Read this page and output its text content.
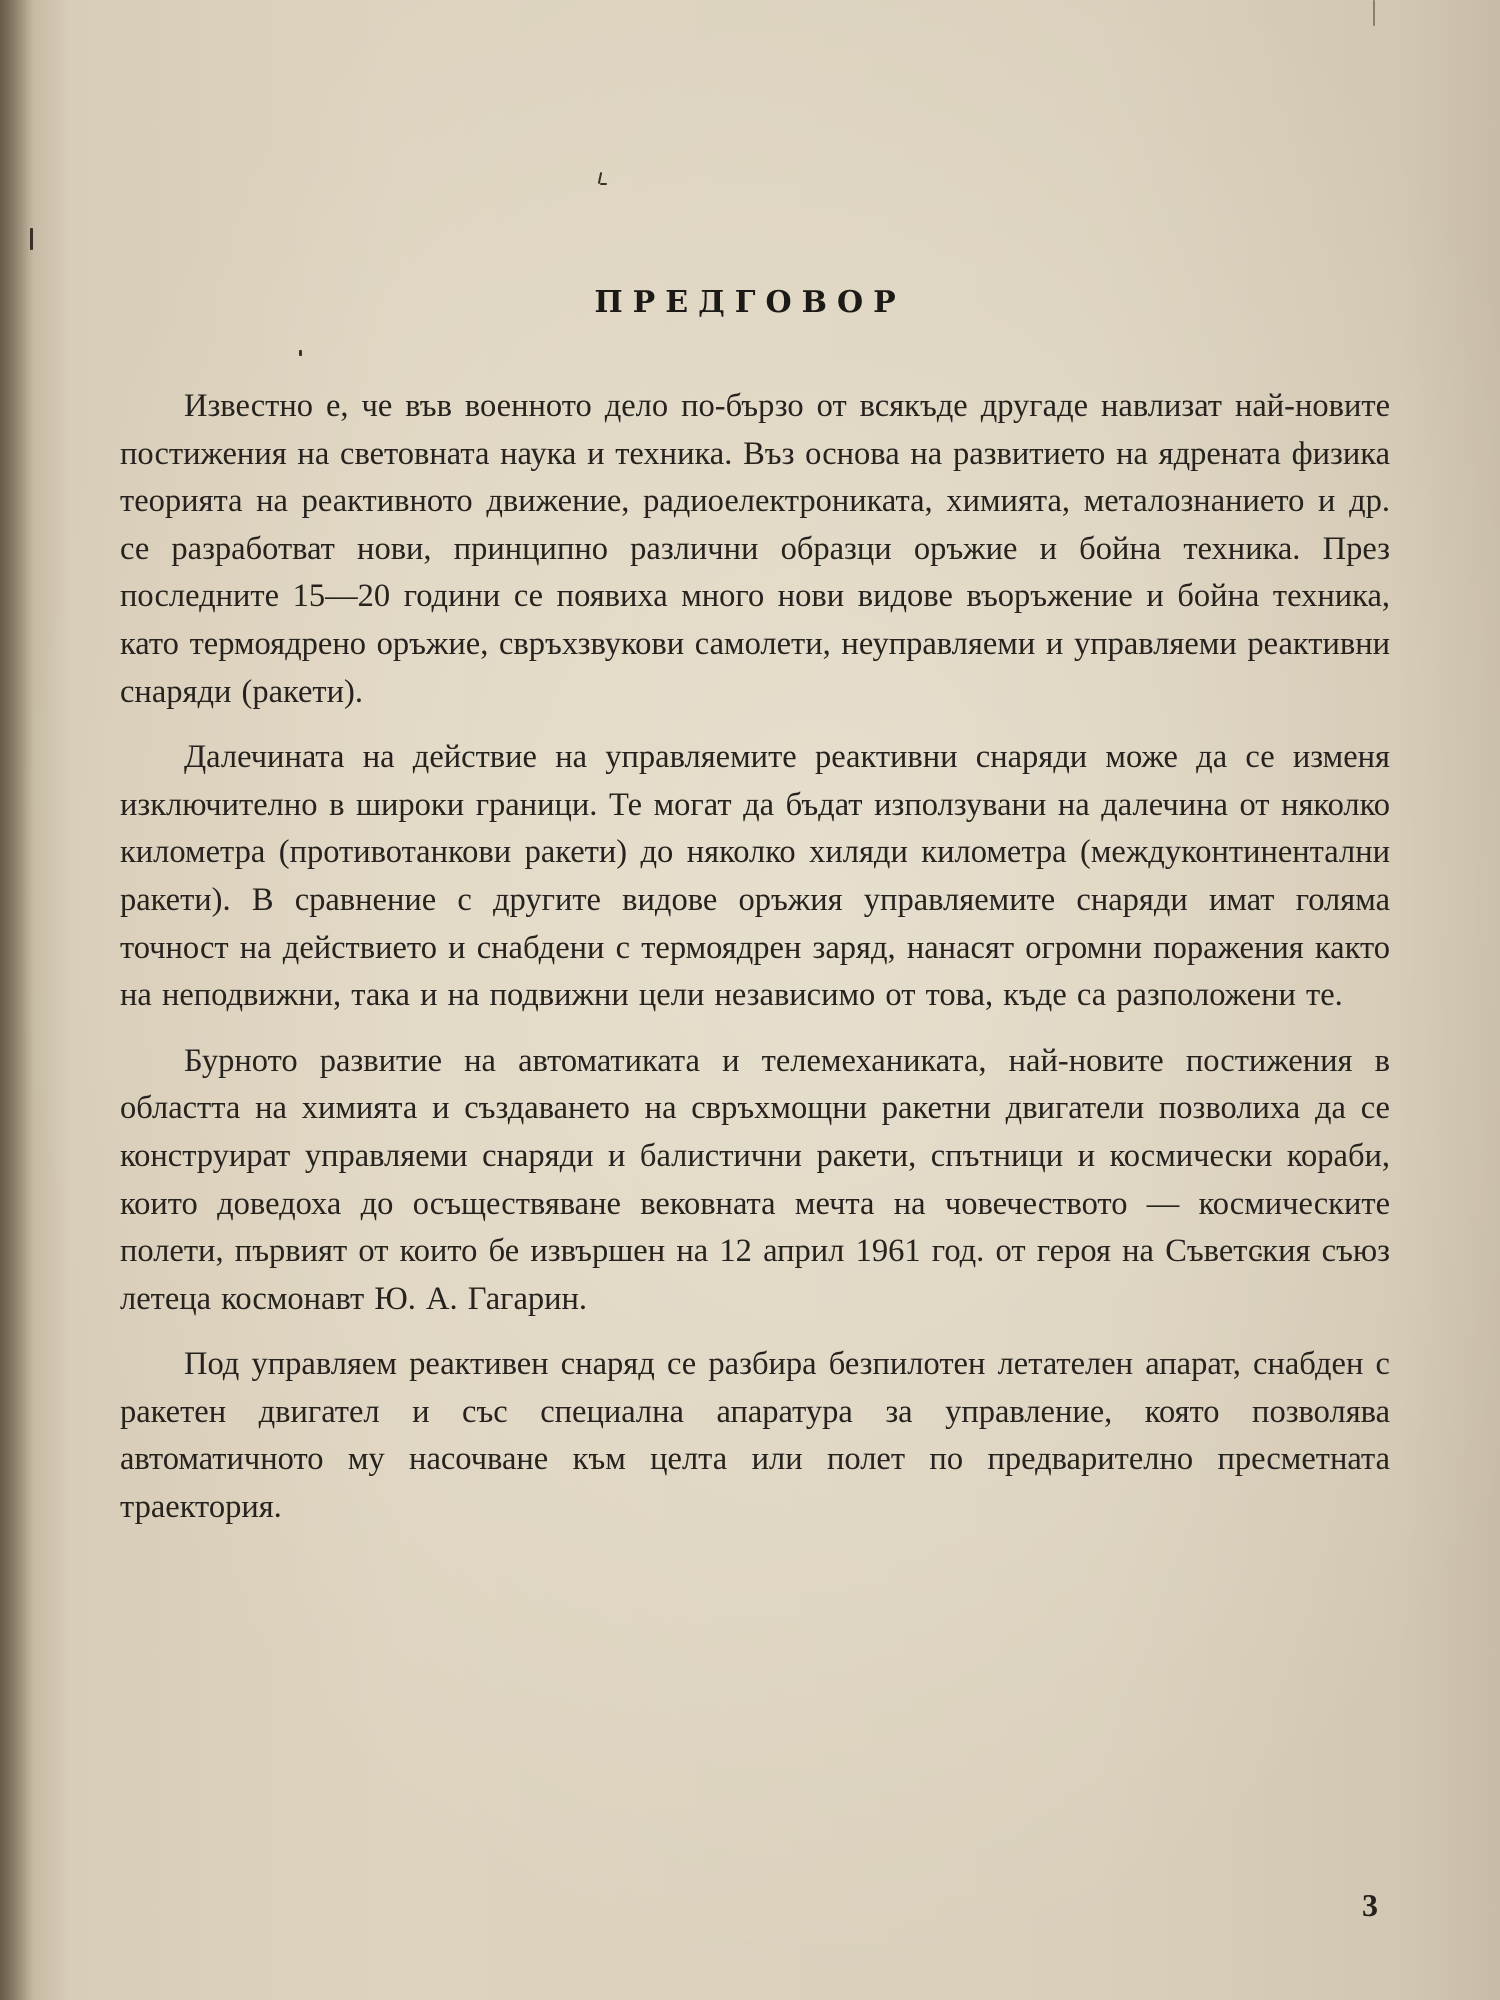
ПРЕДГОВОР

Известно е, че във военното дело по-бързо от всякъде другаде навлизат най-новите постижения на световната наука и техника. Въз основа на развитието на ядрената физика теорията на реактивното движение, радиоелектрониката, химията, металознанието и др. се разработват нови, принципно различни образци оръжие и бойна техника. През последните 15—20 години се появиха много нови видове въоръжение и бойна техника, като термоядрено оръжие, свръхзвукови самолети, неуправляеми и управляеми реактивни снаряди (ракети).

Далечината на действие на управляемите реактивни снаряди може да се изменя изключително в широки граници. Те могат да бъдат използувани на далечина от няколко километра (противотанкови ракети) до няколко хиляди километра (междуконтинентални ракети). В сравнение с другите видове оръжия управляемите снаряди имат голяма точност на действието и снабдени с термоядрен заряд, нанасят огромни поражения както на неподвижни, така и на подвижни цели независимо от това, къде са разположени те.

Бурното развитие на автоматиката и телемеханиката, най-новите постижения в областта на химията и създаването на свръхмощни ракетни двигатели позволиха да се конструират управляеми снаряди и балистични ракети, спътници и космически кораби, които доведоха до осъществяване вековната мечта на човечеството — космическите полети, първият от които бе извършен на 12 април 1961 год. от героя на Съветския съюз летеца космонавт Ю. А. Гагарин.

Под управляем реактивен снаряд се разбира безпилотен летателен апарат, снабден с ракетен двигател и със специална апаратура за управление, която позволява автоматичното му насочване към целта или полет по предварително пресметната траектория.

3
